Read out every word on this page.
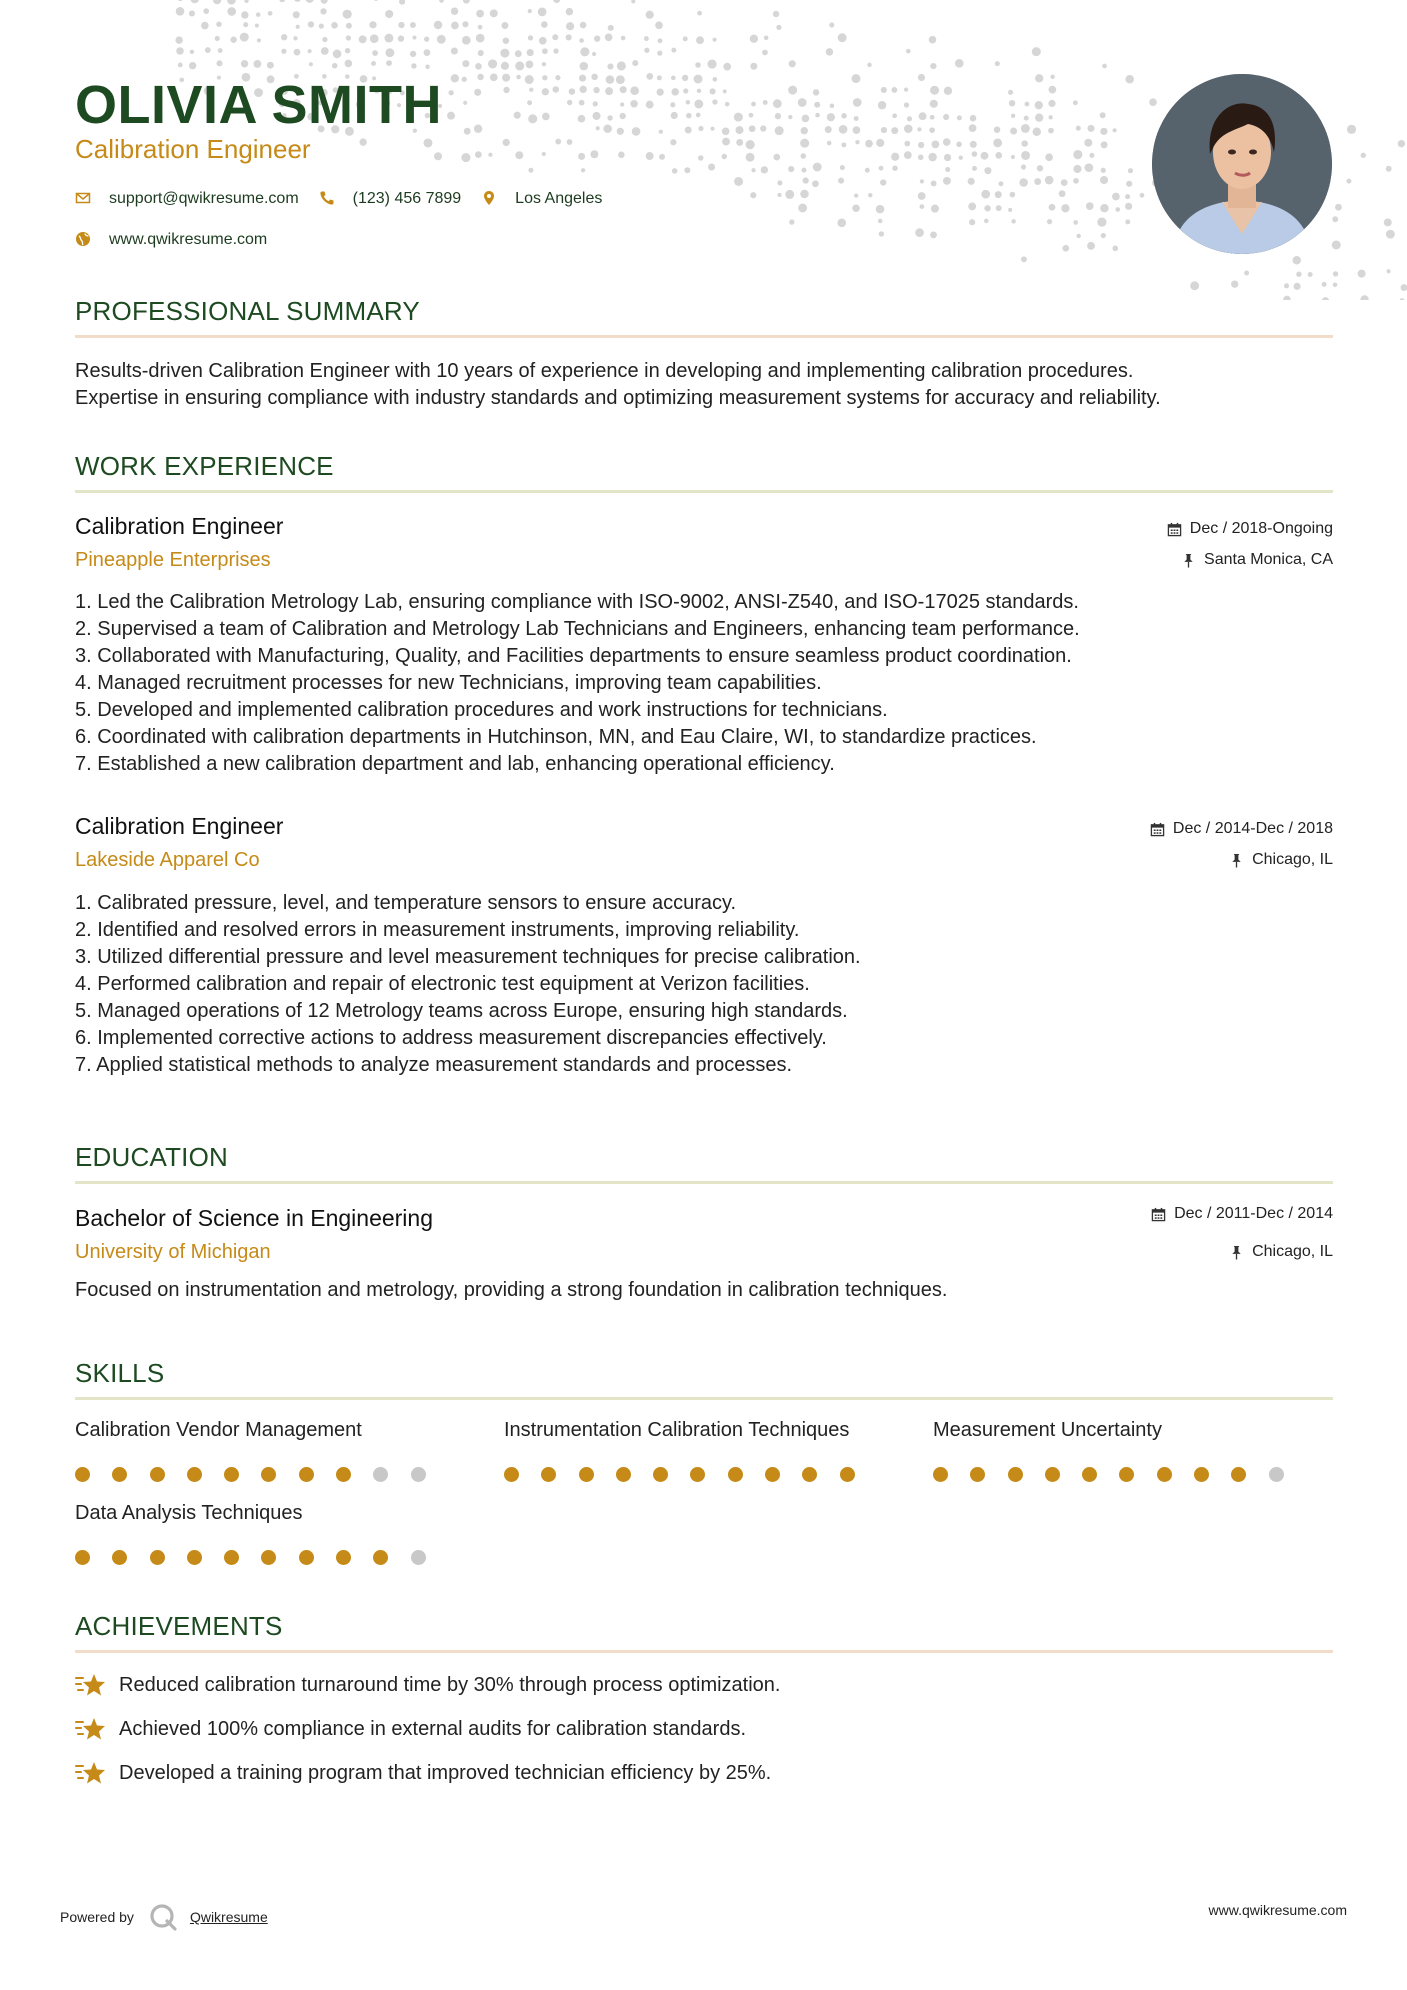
OLIVIA SMITH
Calibration Engineer
support@qwikresume.com	(123) 456 7899	Los Angeles
www.qwikresume.com
PROFESSIONAL SUMMARY
Results-driven Calibration Engineer with 10 years of experience in developing and implementing calibration procedures.
Expertise in ensuring compliance with industry standards and optimizing measurement systems for accuracy and reliability.
WORK EXPERIENCE
Calibration Engineer
Pineapple Enterprises
Dec / 2018-Ongoing
Santa Monica, CA
1. Led the Calibration Metrology Lab, ensuring compliance with ISO-9002, ANSI-Z540, and ISO-17025 standards.
2. Supervised a team of Calibration and Metrology Lab Technicians and Engineers, enhancing team performance.
3. Collaborated with Manufacturing, Quality, and Facilities departments to ensure seamless product coordination.
4. Managed recruitment processes for new Technicians, improving team capabilities.
5. Developed and implemented calibration procedures and work instructions for technicians.
6. Coordinated with calibration departments in Hutchinson, MN, and Eau Claire, WI, to standardize practices.
7. Established a new calibration department and lab, enhancing operational efficiency.
Calibration Engineer
Lakeside Apparel Co
Dec / 2014-Dec / 2018
Chicago, IL
1. Calibrated pressure, level, and temperature sensors to ensure accuracy.
2. Identified and resolved errors in measurement instruments, improving reliability.
3. Utilized differential pressure and level measurement techniques for precise calibration.
4. Performed calibration and repair of electronic test equipment at Verizon facilities.
5. Managed operations of 12 Metrology teams across Europe, ensuring high standards.
6. Implemented corrective actions to address measurement discrepancies effectively.
7. Applied statistical methods to analyze measurement standards and processes.
EDUCATION
Bachelor of Science in Engineering
University of Michigan
Dec / 2011-Dec / 2014
Chicago, IL
Focused on instrumentation and metrology, providing a strong foundation in calibration techniques.
SKILLS
Calibration Vendor Management	Instrumentation Calibration Techniques	Measurement Uncertainty
Data Analysis Techniques
ACHIEVEMENTS
Reduced calibration turnaround time by 30% through process optimization.
Achieved 100% compliance in external audits for calibration standards.
Developed a training program that improved technician efficiency by 25%.
Powered by	Qwikresume	www.qwikresume.com
